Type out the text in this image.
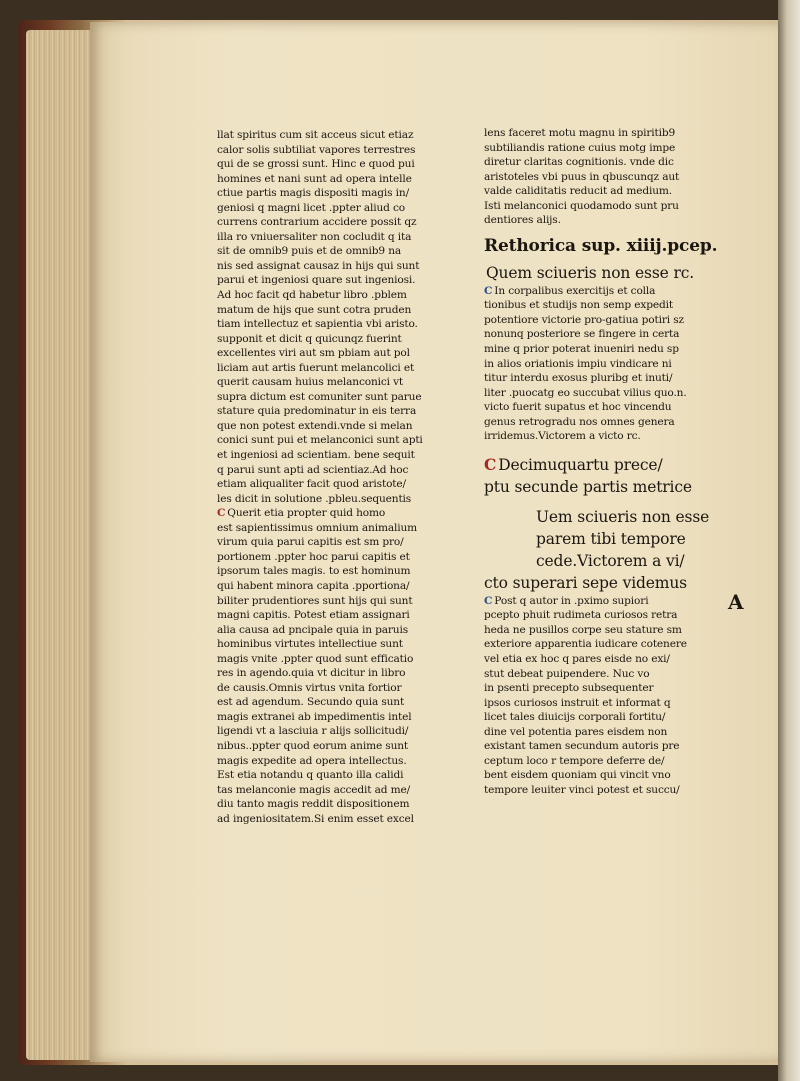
llat spiritus cum sit acceus sicut etiaz
calor solis subtiliat vapores terrestres
qui de se grossi sunt. Hinc e quod pui
homines et nani sunt ad opera intelle
ctiue partis magis dispositi magis in/
geniosi q magni licet .ppter aliud co
currens contrarium accidere possit qz
illa ro vniuersaliter non cocludit q ita
sit de omnib9 puis et de omnib9 na
nis sed assignat causaz in hijs qui sunt
parui et ingeniosi quare sut ingeniosi.
Ad hoc facit qd habetur libro .pblem
matum de hijs que sunt cotra pruden
tiam intellectuz et sapientia vbi aristo.
supponit et dicit q quicunqz fuerint
excellentes viri aut sm pbiam aut pol
liciam aut artis fuerunt melancolici et
querit causam huius melanconici vt
supra dictum est comuniter sunt parue
stature quia predominatur in eis terra
que non potest extendi.vnde si melan
conici sunt pui et melanconici sunt apti
et ingeniosi ad scientiam. bene sequit
q parui sunt apti ad scientiaz.Ad hoc
etiam aliqualiter facit quod aristote/
les dicit in solutione .pbleu.sequentis
C Querit etia propter quid homo
est sapientissimus omnium animalium
virum quia parui capitis est sm pro/
portionem .ppter hoc parui capitis et
ipsorum tales magis. to est hominum
qui habent minora capita .pportiona/
biliter prudentiores sunt hijs qui sunt
magni capitis. Potest etiam assignari
alia causa ad pncipale quia in paruis
hominibus virtutes intellectiue sunt
magis vnite .ppter quod sunt efficatio
res in agendo.quia vt dicitur in libro
de causis.Omnis virtus vnita fortior
est ad agendum. Secundo quia sunt
magis extranei ab impedimentis intel
ligendi vt a lasciuia r alijs sollicitudi/
nibus..ppter quod eorum anime sunt
magis expedite ad opera intellectus.
Est etia notandu q quanto illa calidi
tas melanconie magis accedit ad me/
diu tanto magis reddit dispositionem
ad ingeniositatem.Si enim esset excel
lens faceret motu magnu in spiritib9
subtiliandis ratione cuius motg impe
diretur claritas cognitionis. vnde dic
aristoteles vbi puus in qbuscunqz aut
valde caliditatis reducit ad medium.
Isti melanconici quodamodo sunt pru
dentiores alijs.
Rethorica sup. xiiij.pcep.
Quem sciueris non esse rc.
C In corpalibus exercitijs et colla
tionibus et studijs non semp expedit
potentiore victorie pro-gatiua potiri sz
nonunq posteriore se fingere in certa
mine q prior poterat inueniri nedu sp
in alios oriationis impiu vindicare ni
titur interdu exosus pluribg et inuti/
liter .puocatg eo succubat vilius quo.n.
victo fuerit supatus et hoc vincendu
genus retrogradu nos omnes genera
irridemus.Victorem a victo rc.
C Decimuquartu prece/
ptu secunde partis metrice
Uem sciueris non esse
parem tibi tempore
cede.Victorem a vi/
cto superari sepe videmus
C Post q autor in .pximo supiori
pcepto phuit rudimeta curiosos retra
heda ne pusillos corpe seu stature sm
exteriore apparentia iudicare cotenere
vel etia ex hoc q pares eisde no exi/
stut debeat puipendere. Nuc vo
in psenti precepto subsequenter
ipsos curiosos instruit et informat q
licet tales diuicijs corporali fortitu/
dine vel potentia pares eisdem non
existant tamen secundum autoris pre
ceptum loco r tempore deferre de/
bent eisdem quoniam qui vincit vno
tempore leuiter vinci potest et succu/
A
